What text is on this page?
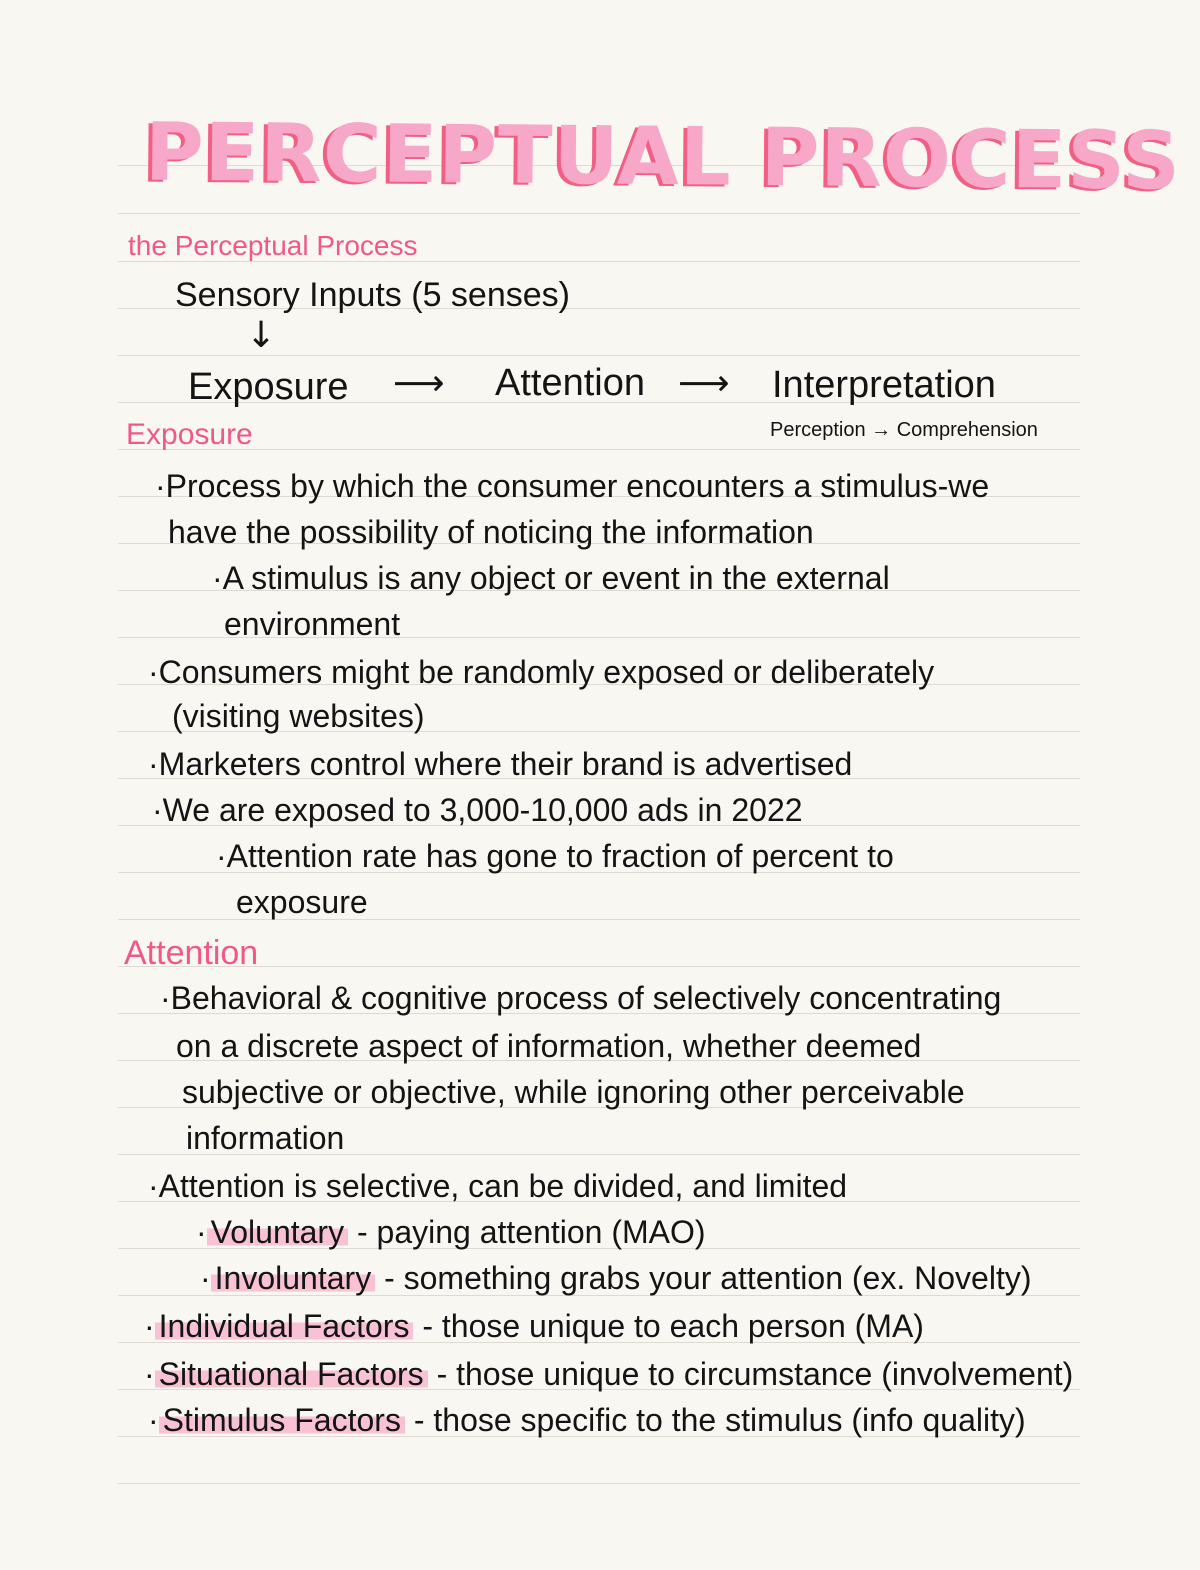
PERCEPTUAL PROCESS
the Perceptual Process
Sensory Inputs (5 senses)
↓
Exposure ⟶ Attention ⟶ Interpretation
Perception → Comprehension
Exposure
·Process by which the consumer encounters a stimulus-we
have the possibility of noticing the information
·A stimulus is any object or event in the external
environment
·Consumers might be randomly exposed or deliberately
(visiting websites)
·Marketers control where their brand is advertised
·We are exposed to 3,000-10,000 ads in 2022
·Attention rate has gone to fraction of percent to
exposure
Attention
·Behavioral & cognitive process of selectively concentrating
on a discrete aspect of information, whether deemed
subjective or objective, while ignoring other perceivable
information
·Attention is selective, can be divided, and limited
· Voluntary - paying attention (MAO)
· Involuntary - something grabs your attention (ex. Novelty)
· Individual Factors - those unique to each person (MA)
· Situational Factors - those unique to circumstance (involvement)
· Stimulus Factors - those specific to the stimulus (info quality)
